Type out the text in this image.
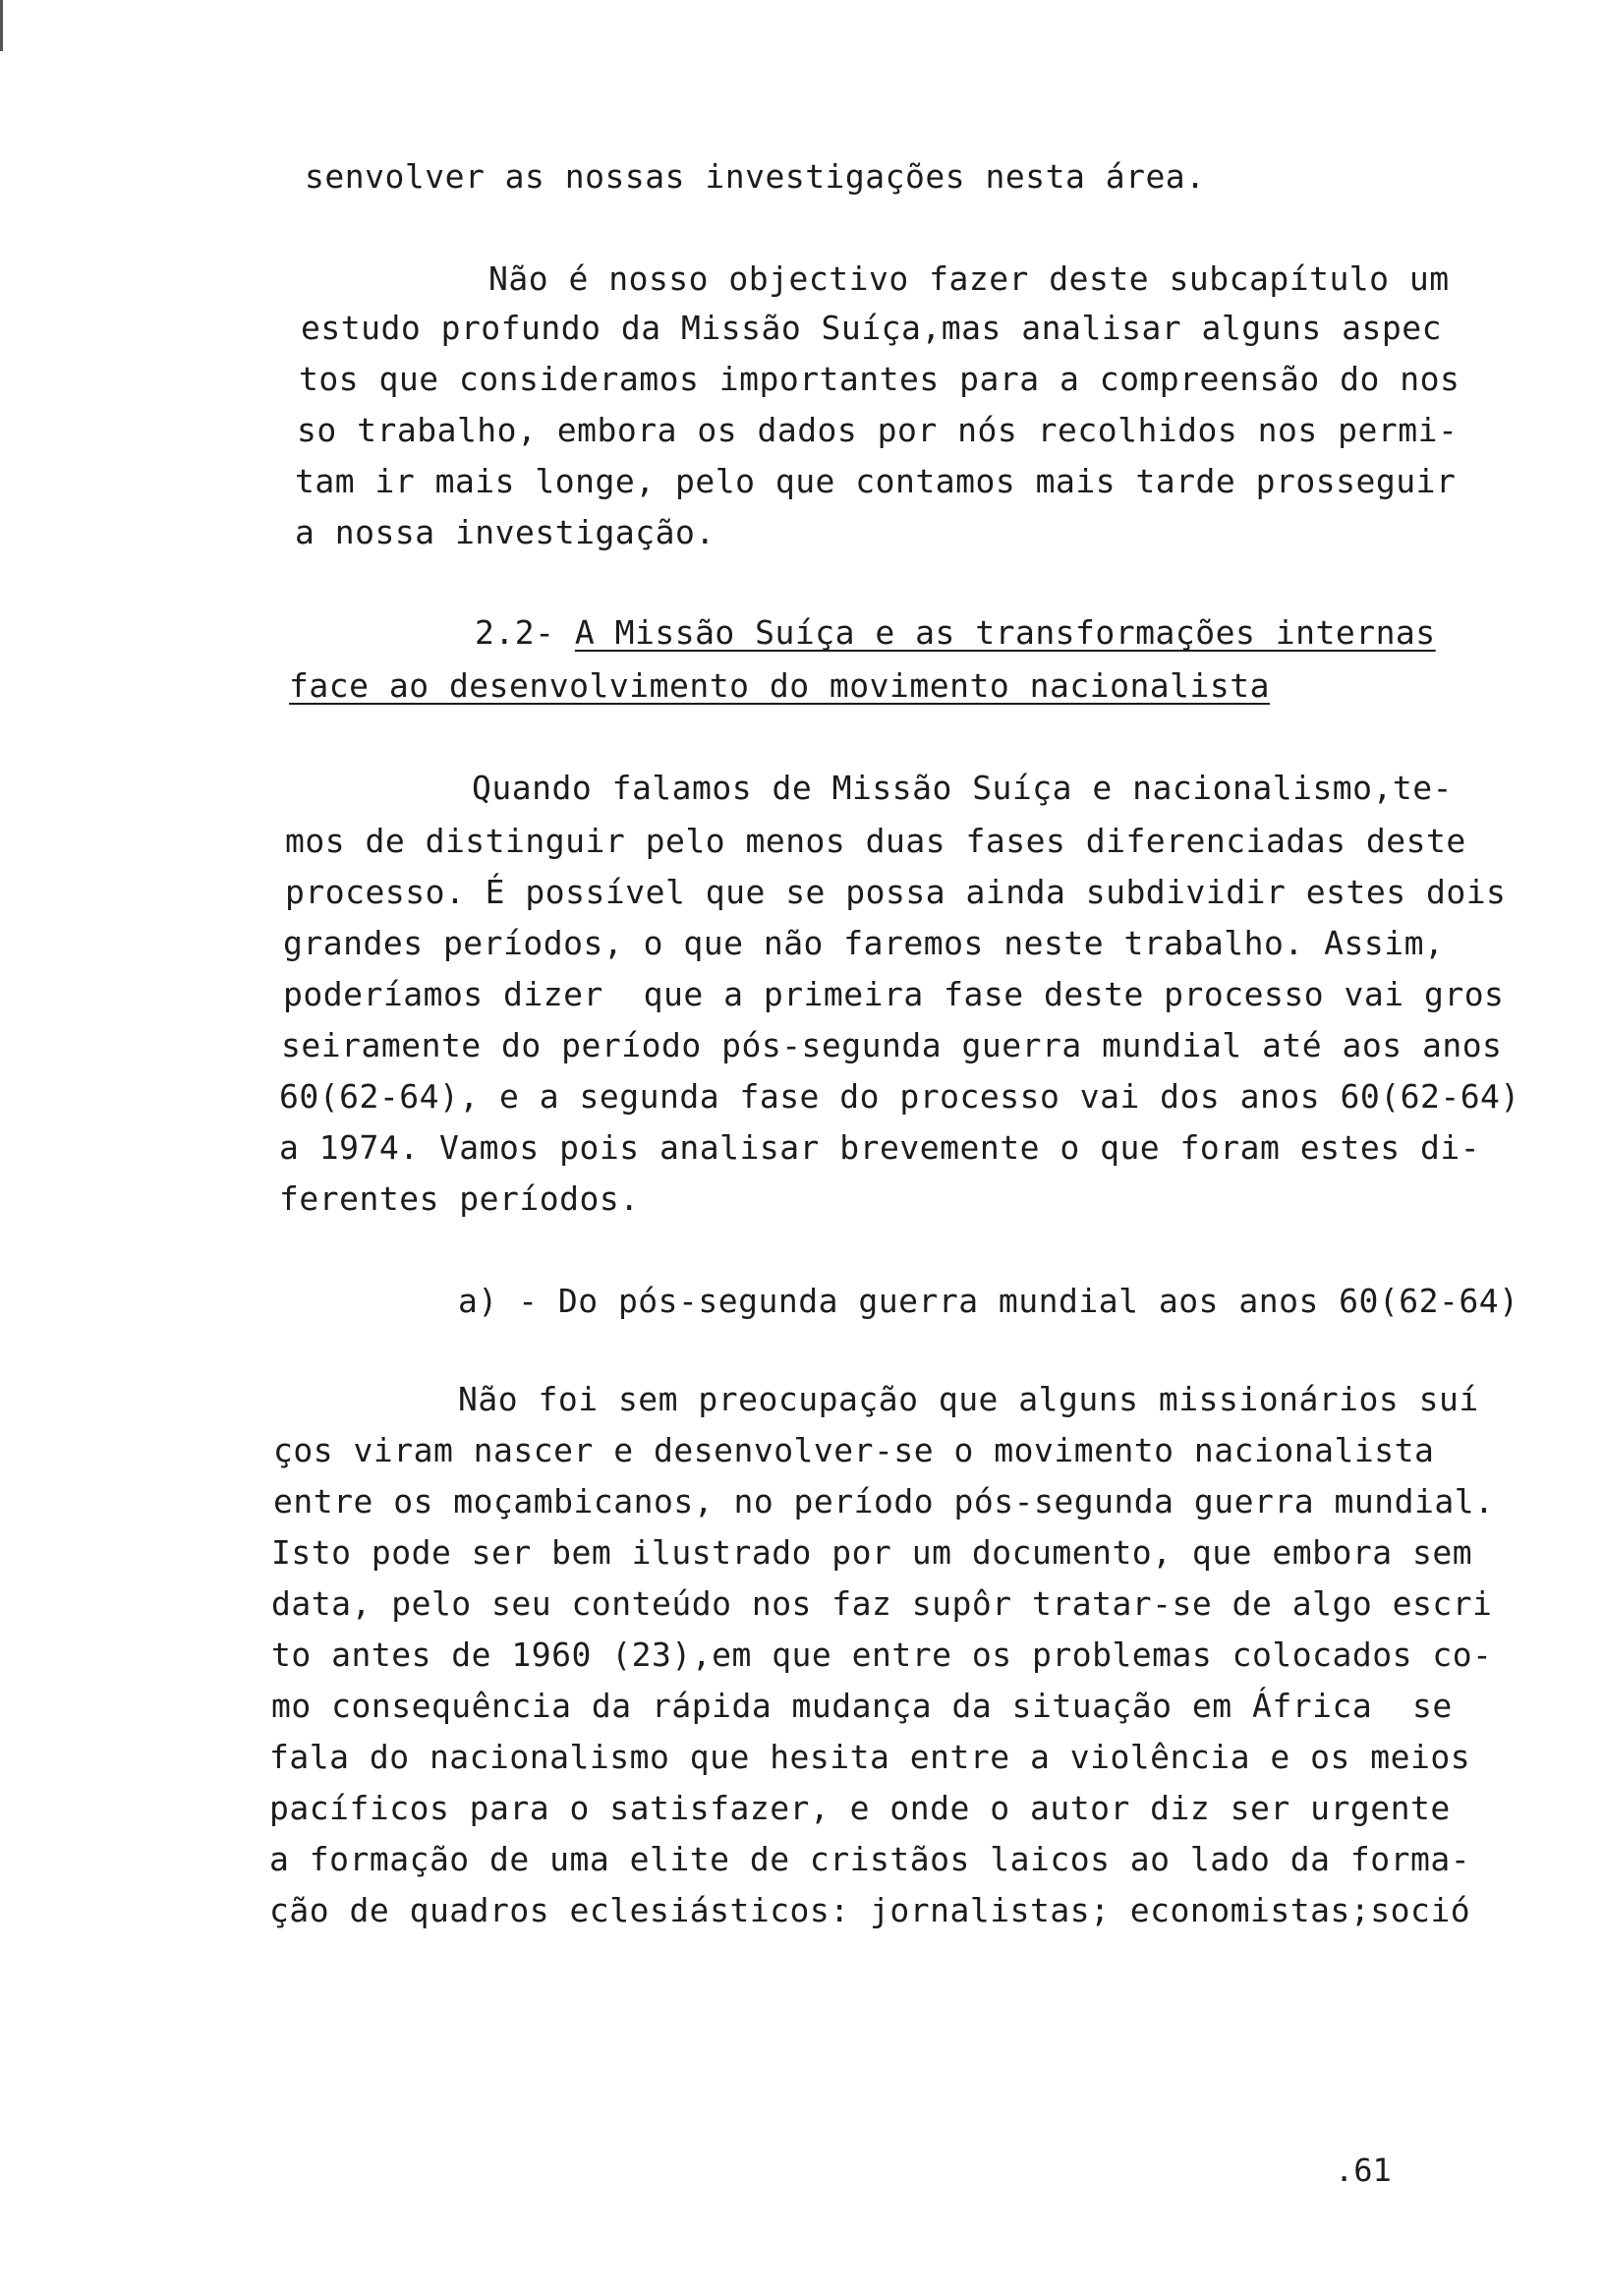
senvolver as nossas investigações nesta área.
Não é nosso objectivo fazer deste subcapítulo um
estudo profundo da Missão Suíça,mas analisar alguns aspec
tos que consideramos importantes para a compreensão do nos
so trabalho, embora os dados por nós recolhidos nos permi-
tam ir mais longe, pelo que contamos mais tarde prosseguir
a nossa investigação.
2.2- A Missão Suíça e as transformações internas
face ao desenvolvimento do movimento nacionalista
Quando falamos de Missão Suíça e nacionalismo,te-
mos de distinguir pelo menos duas fases diferenciadas deste
processo. É possível que se possa ainda subdividir estes dois
grandes períodos, o que não faremos neste trabalho. Assim,
poderíamos dizer  que a primeira fase deste processo vai gros
seiramente do período pós-segunda guerra mundial até aos anos
60(62-64), e a segunda fase do processo vai dos anos 60(62-64)
a 1974. Vamos pois analisar brevemente o que foram estes di-
ferentes períodos.
a) - Do pós-segunda guerra mundial aos anos 60(62-64)
Não foi sem preocupação que alguns missionários suí
ços viram nascer e desenvolver-se o movimento nacionalista
entre os moçambicanos, no período pós-segunda guerra mundial.
Isto pode ser bem ilustrado por um documento, que embora sem
data, pelo seu conteúdo nos faz supôr tratar-se de algo escri
to antes de 1960 (23),em que entre os problemas colocados co-
mo consequência da rápida mudança da situação em África  se
fala do nacionalismo que hesita entre a violência e os meios
pacíficos para o satisfazer, e onde o autor diz ser urgente
a formação de uma elite de cristãos laicos ao lado da forma-
ção de quadros eclesiásticos: jornalistas; economistas;soció
.61
